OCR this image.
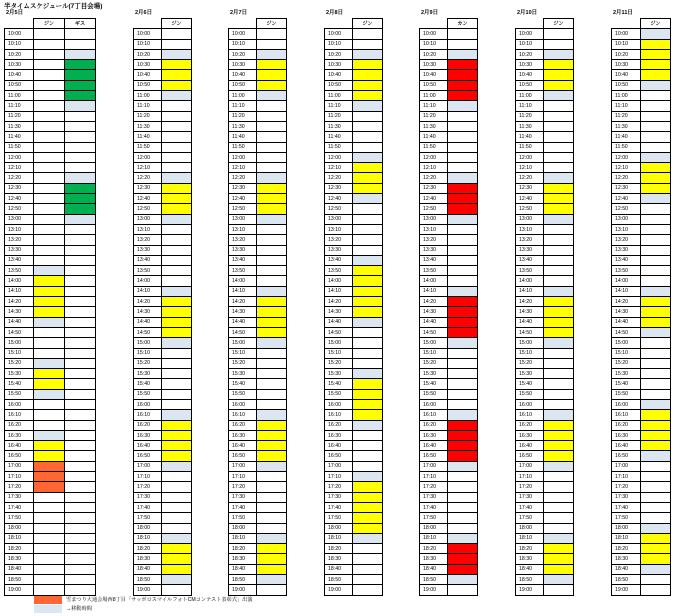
半タイムスケジュール(7丁目会場)
2月5日
	ジン	ギス
10:00		
10:10		
10:20		
10:30		
10:40		
10:50		
11:00		
11:10		
11:20		
11:30		
11:40		
11:50		
12:00		
12:10		
12:20		
12:30		
12:40		
12:50		
13:00		
13:10		
13:20		
13:30		
13:40		
13:50		
14:00		
14:10		
14:20		
14:30		
14:40		
14:50		
15:00		
15:10		
15:20		
15:30		
15:40		
15:50		
16:00		
16:10		
16:20		
16:30		
16:40		
16:50		
17:00		
17:10		
17:20		
17:30		
17:40		
17:50		
18:00		
18:10		
18:20		
18:30		
18:40		
18:50		
19:00		
2月6日
	ジン
10:00	
10:10	
10:20	
10:30	
10:40	
10:50	
11:00	
11:10	
11:20	
11:30	
11:40	
11:50	
12:00	
12:10	
12:20	
12:30	
12:40	
12:50	
13:00	
13:10	
13:20	
13:30	
13:40	
13:50	
14:00	
14:10	
14:20	
14:30	
14:40	
14:50	
15:00	
15:10	
15:20	
15:30	
15:40	
15:50	
16:00	
16:10	
16:20	
16:30	
16:40	
16:50	
17:00	
17:10	
17:20	
17:30	
17:40	
17:50	
18:00	
18:10	
18:20	
18:30	
18:40	
18:50	
19:00	
2月7日
	ジン
10:00	
10:10	
10:20	
10:30	
10:40	
10:50	
11:00	
11:10	
11:20	
11:30	
11:40	
11:50	
12:00	
12:10	
12:20	
12:30	
12:40	
12:50	
13:00	
13:10	
13:20	
13:30	
13:40	
13:50	
14:00	
14:10	
14:20	
14:30	
14:40	
14:50	
15:00	
15:10	
15:20	
15:30	
15:40	
15:50	
16:00	
16:10	
16:20	
16:30	
16:40	
16:50	
17:00	
17:10	
17:20	
17:30	
17:40	
17:50	
18:00	
18:10	
18:20	
18:30	
18:40	
18:50	
19:00	
2月8日
	ジン
10:00	
10:10	
10:20	
10:30	
10:40	
10:50	
11:00	
11:10	
11:20	
11:30	
11:40	
11:50	
12:00	
12:10	
12:20	
12:30	
12:40	
12:50	
13:00	
13:10	
13:20	
13:30	
13:40	
13:50	
14:00	
14:10	
14:20	
14:30	
14:40	
14:50	
15:00	
15:10	
15:20	
15:30	
15:40	
15:50	
16:00	
16:10	
16:20	
16:30	
16:40	
16:50	
17:00	
17:10	
17:20	
17:30	
17:40	
17:50	
18:00	
18:10	
18:20	
18:30	
18:40	
18:50	
19:00	
2月9日
	カン
10:00	
10:10	
10:20	
10:30	
10:40	
10:50	
11:00	
11:10	
11:20	
11:30	
11:40	
11:50	
12:00	
12:10	
12:20	
12:30	
12:40	
12:50	
13:00	
13:10	
13:20	
13:30	
13:40	
13:50	
14:00	
14:10	
14:20	
14:30	
14:40	
14:50	
15:00	
15:10	
15:20	
15:30	
15:40	
15:50	
16:00	
16:10	
16:20	
16:30	
16:40	
16:50	
17:00	
17:10	
17:20	
17:30	
17:40	
17:50	
18:00	
18:10	
18:20	
18:30	
18:40	
18:50	
19:00	
2月10日
	ジン
10:00	
10:10	
10:20	
10:30	
10:40	
10:50	
11:00	
11:10	
11:20	
11:30	
11:40	
11:50	
12:00	
12:10	
12:20	
12:30	
12:40	
12:50	
13:00	
13:10	
13:20	
13:30	
13:40	
13:50	
14:00	
14:10	
14:20	
14:30	
14:40	
14:50	
15:00	
15:10	
15:20	
15:30	
15:40	
15:50	
16:00	
16:10	
16:20	
16:30	
16:40	
16:50	
17:00	
17:10	
17:20	
17:30	
17:40	
17:50	
18:00	
18:10	
18:20	
18:30	
18:40	
18:50	
19:00	
2月11日
	ジン
10:00	
10:10	
10:20	
10:30	
10:40	
10:50	
11:00	
11:10	
11:20	
11:30	
11:40	
11:50	
12:00	
12:10	
12:20	
12:30	
12:40	
12:50	
13:00	
13:10	
13:20	
13:30	
13:40	
13:50	
14:00	
14:10	
14:20	
14:30	
14:40	
14:50	
15:00	
15:10	
15:20	
15:30	
15:40	
15:50	
16:00	
16:10	
16:20	
16:30	
16:40	
16:50	
17:00	
17:10	
17:20	
17:30	
17:40	
17:50	
18:00	
18:10	
18:20	
18:30	
18:40	
18:50	
19:00	
雪まつり大通会場西8丁目「サッポロスマイルフォトCMコンテスト表彰式」出演
→移動時間
